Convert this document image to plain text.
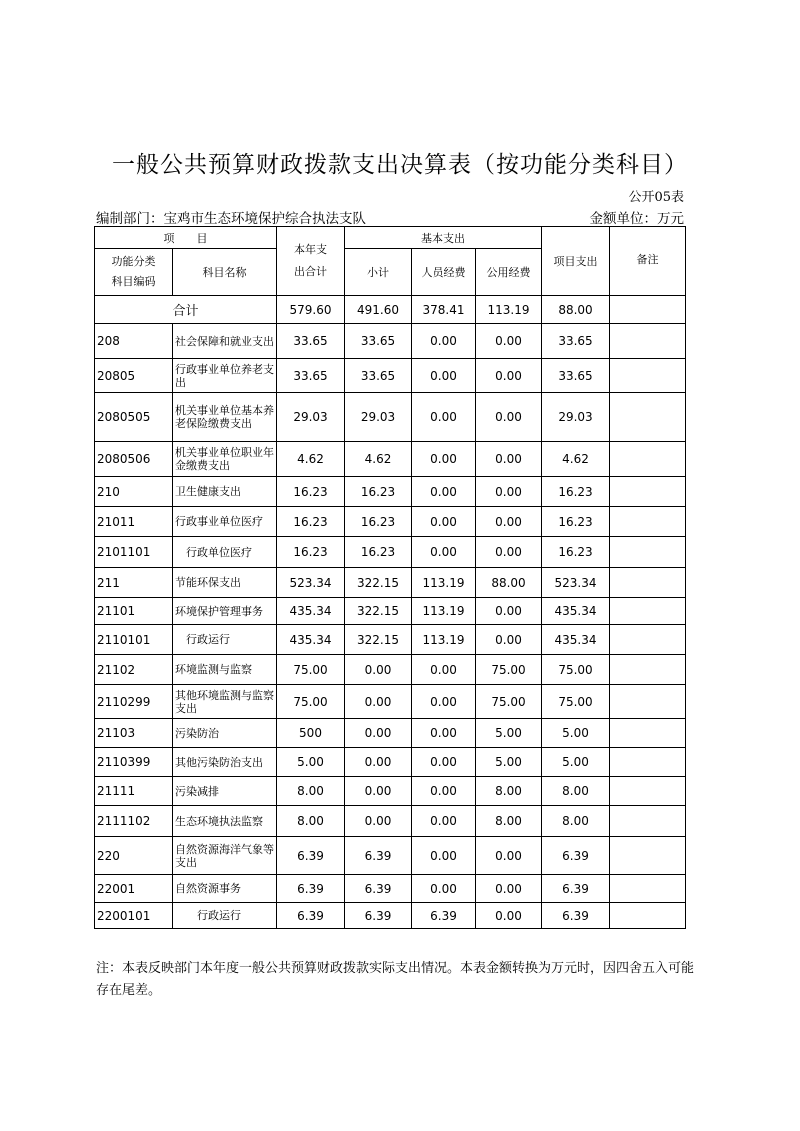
一般公共预算财政拨款支出决算表（按功能分类科目）
公开05表
编制部门：宝鸡市生态环境保护综合执法支队	金额单位：万元
项　　目		本年支出合计	基本支出			项目支出	备注
功能分类科目编码	科目名称		小计	人员经费	公用经费		
合计		579.60	491.60	378.41	113.19	88.00	
208	社会保障和就业支出	33.65	33.65	0.00	0.00	33.65	
20805	行政事业单位养老支出	33.65	33.65	0.00	0.00	33.65	
2080505	机关事业单位基本养老保险缴费支出	29.03	29.03	0.00	0.00	29.03	
2080506	机关事业单位职业年金缴费支出	4.62	4.62	0.00	0.00	4.62	
210	卫生健康支出	16.23	16.23	0.00	0.00	16.23	
21011	行政事业单位医疗	16.23	16.23	0.00	0.00	16.23	
2101101	　行政单位医疗	16.23	16.23	0.00	0.00	16.23	
211	节能环保支出	523.34	322.15	113.19	88.00	523.34	
21101	环境保护管理事务	435.34	322.15	113.19	0.00	435.34	
2110101	　行政运行	435.34	322.15	113.19	0.00	435.34	
21102	环境监测与监察	75.00	0.00	0.00	75.00	75.00	
2110299	其他环境监测与监察支出	75.00	0.00	0.00	75.00	75.00	
21103	污染防治	500	0.00	0.00	5.00	5.00	
2110399	其他污染防治支出	5.00	0.00	0.00	5.00	5.00	
21111	污染减排	8.00	0.00	0.00	8.00	8.00	
2111102	生态环境执法监察	8.00	0.00	0.00	8.00	8.00	
220	自然资源海洋气象等支出	6.39	6.39	0.00	0.00	6.39	
22001	自然资源事务	6.39	6.39	0.00	0.00	6.39	
2200101	　　行政运行	6.39	6.39	6.39	0.00	6.39	
注：本表反映部门本年度一般公共预算财政拨款实际支出情况。本表金额转换为万元时，因四舍五入可能存在尾差。
